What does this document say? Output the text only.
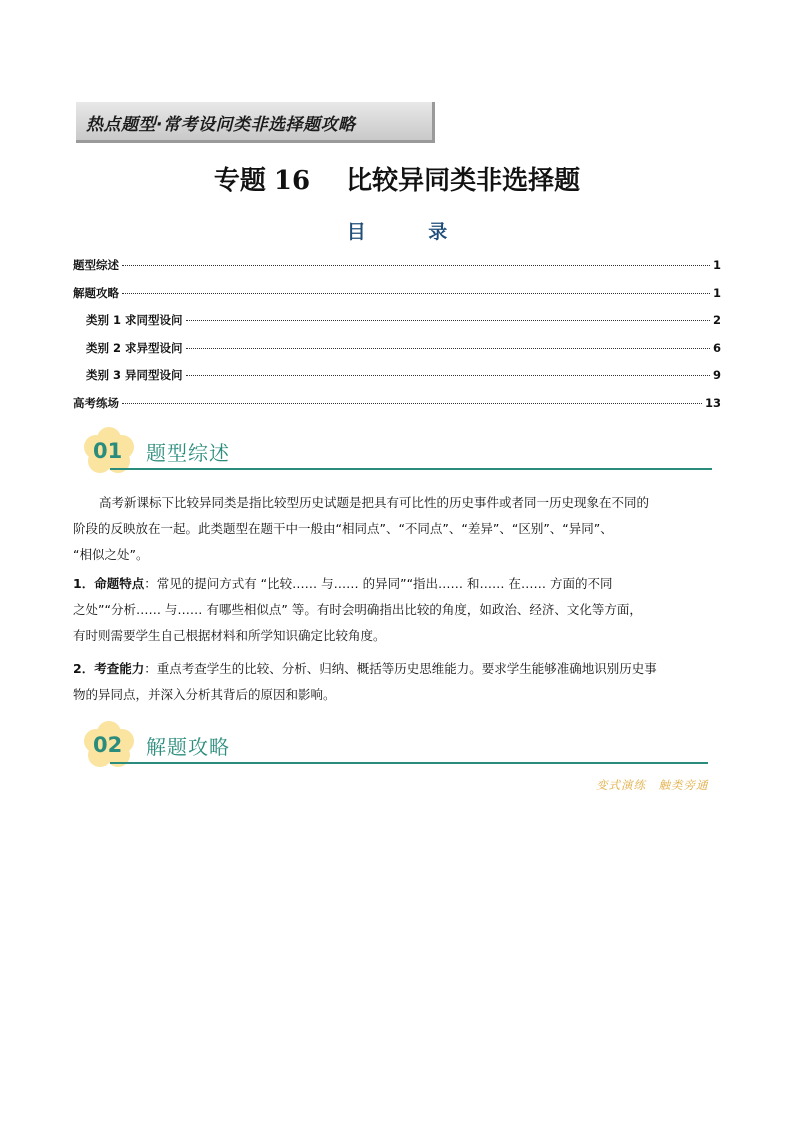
热点题型·常考设问类非选择题攻略
专题 16 比较异同类非选择题
目 录
题型综述	1
解题攻略	1
类别 1 求同型设问	2
类别 2 求异型设问	6
类别 3 异同型设问	9
高考练场	13
01 题型综述
高考新课标下比较异同类是指比较型历史试题是把具有可比性的历史事件或者同一历史现象在不同的
阶段的反映放在一起。此类题型在题干中一般由“相同点”、“不同点”、“差异”、“区别”、“异同”、
“相似之处”。
1．命题特点：常见的提问方式有 “比较…… 与…… 的异同”“指出…… 和…… 在…… 方面的不同
之处”“分析…… 与…… 有哪些相似点” 等。有时会明确指出比较的角度，如政治、经济、文化等方面，
有时则需要学生自己根据材料和所学知识确定比较角度。
2．考查能力：重点考查学生的比较、分析、归纳、概括等历史思维能力。要求学生能够准确地识别历史事
物的异同点，并深入分析其背后的原因和影响。
02 解题攻略
变式演练　触类旁通
